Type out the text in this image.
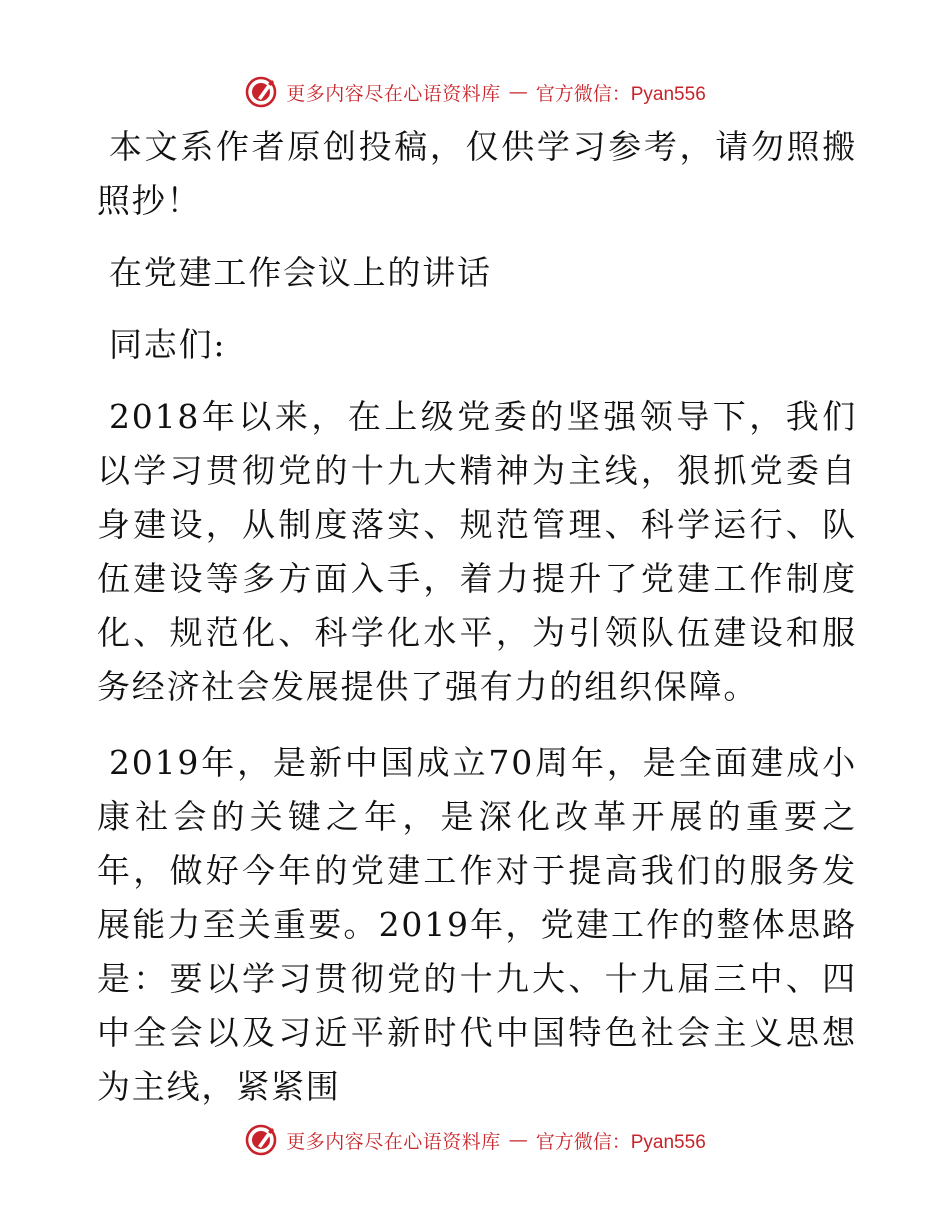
更多内容尽在心语资料库 — 官方微信：Pyan556

本文系作者原创投稿，仅供学习参考，请勿照搬照抄！

在党建工作会议上的讲话

同志们:

2018年以来，在上级党委的坚强领导下，我们以学习贯彻党的十九大精神为主线，狠抓党委自身建设，从制度落实、规范管理、科学运行、队伍建设等多方面入手，着力提升了党建工作制度化、规范化、科学化水平，为引领队伍建设和服务经济社会发展提供了强有力的组织保障。

2019年，是新中国成立70周年，是全面建成小康社会的关键之年，是深化改革开展的重要之年，做好今年的党建工作对于提高我们的服务发展能力至关重要。2019年，党建工作的整体思路是：要以学习贯彻党的十九大、十九届三中、四中全会以及习近平新时代中国特色社会主义思想为主线，紧紧围

更多内容尽在心语资料库 — 官方微信：Pyan556
